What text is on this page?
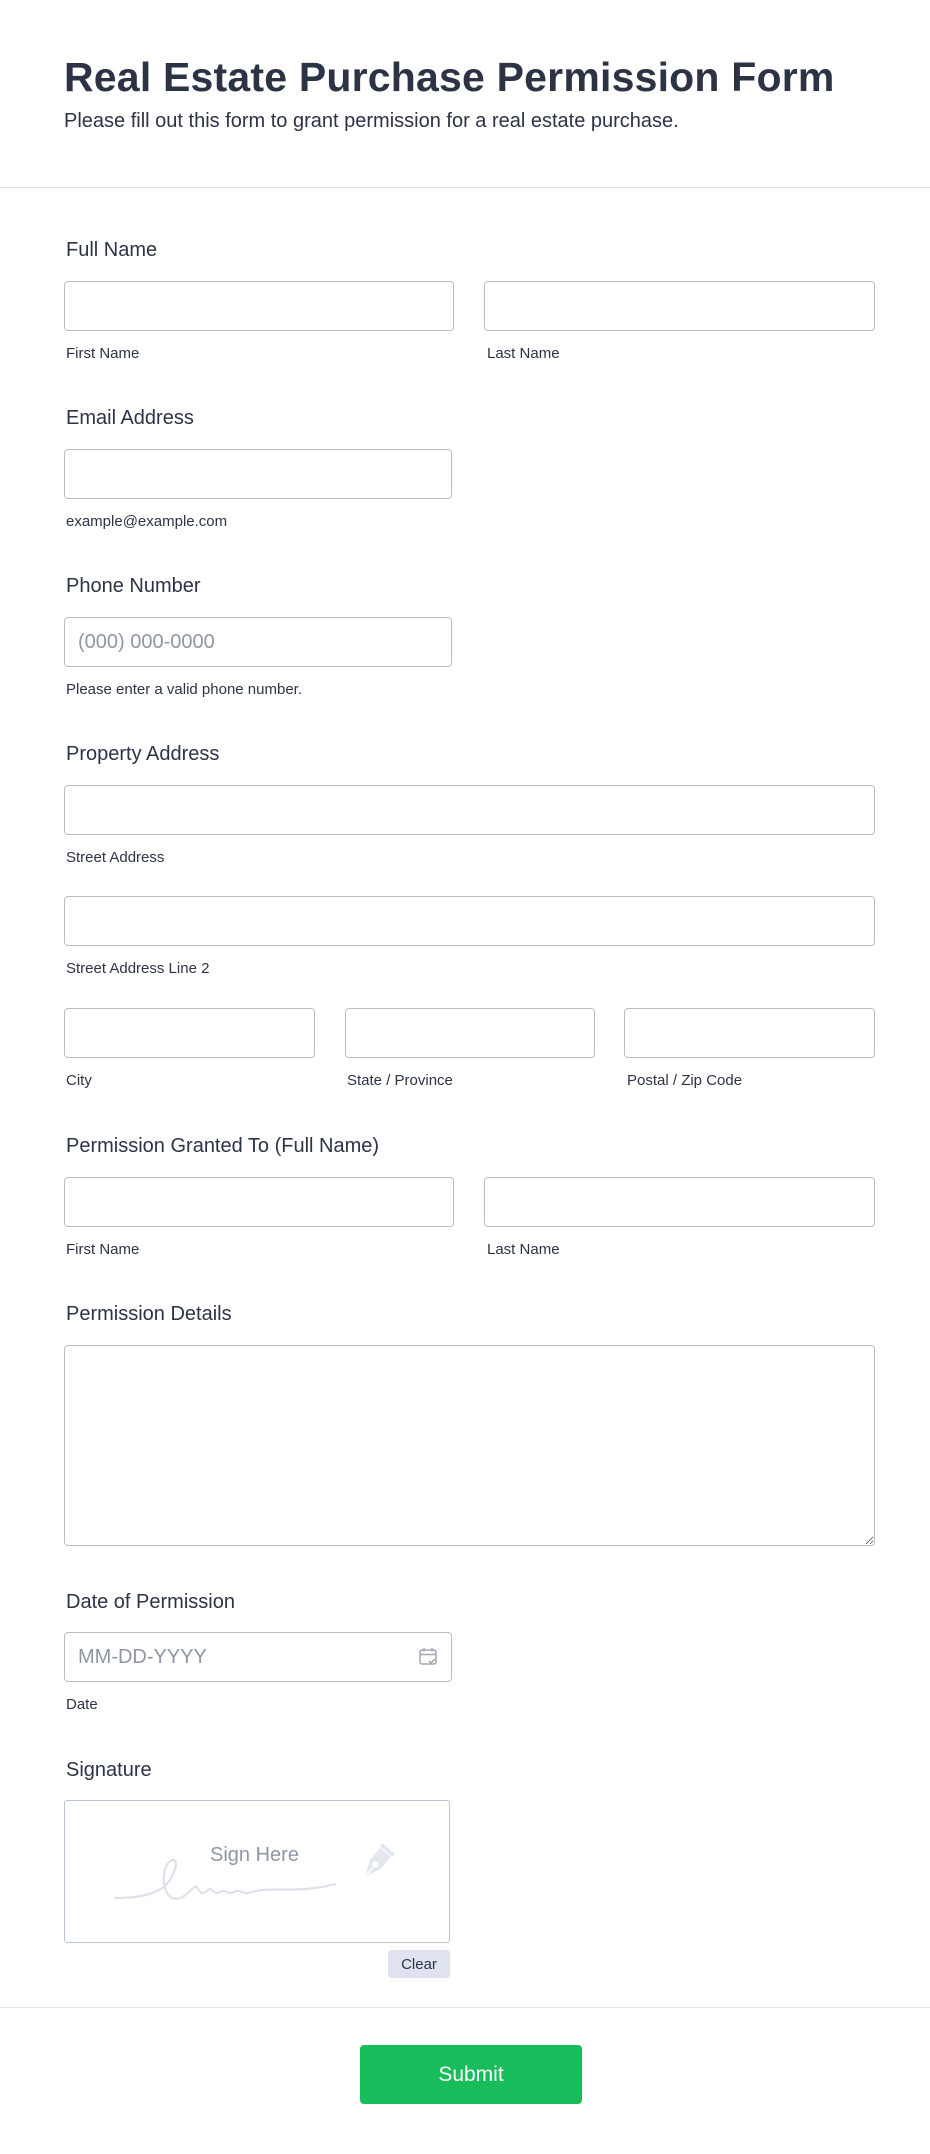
Real Estate Purchase Permission Form

Please fill out this form to grant permission for a real estate purchase.

Full Name
First Name	Last Name
Email Address
example@example.com
Phone Number
(000) 000-0000
Please enter a valid phone number.
Property Address
Street Address
Street Address Line 2
City	State / Province	Postal / Zip Code
Permission Granted To (Full Name)
First Name	Last Name
Permission Details
Date of Permission
MM-DD-YYYY
Date
Signature
Sign Here
Clear
Submit
